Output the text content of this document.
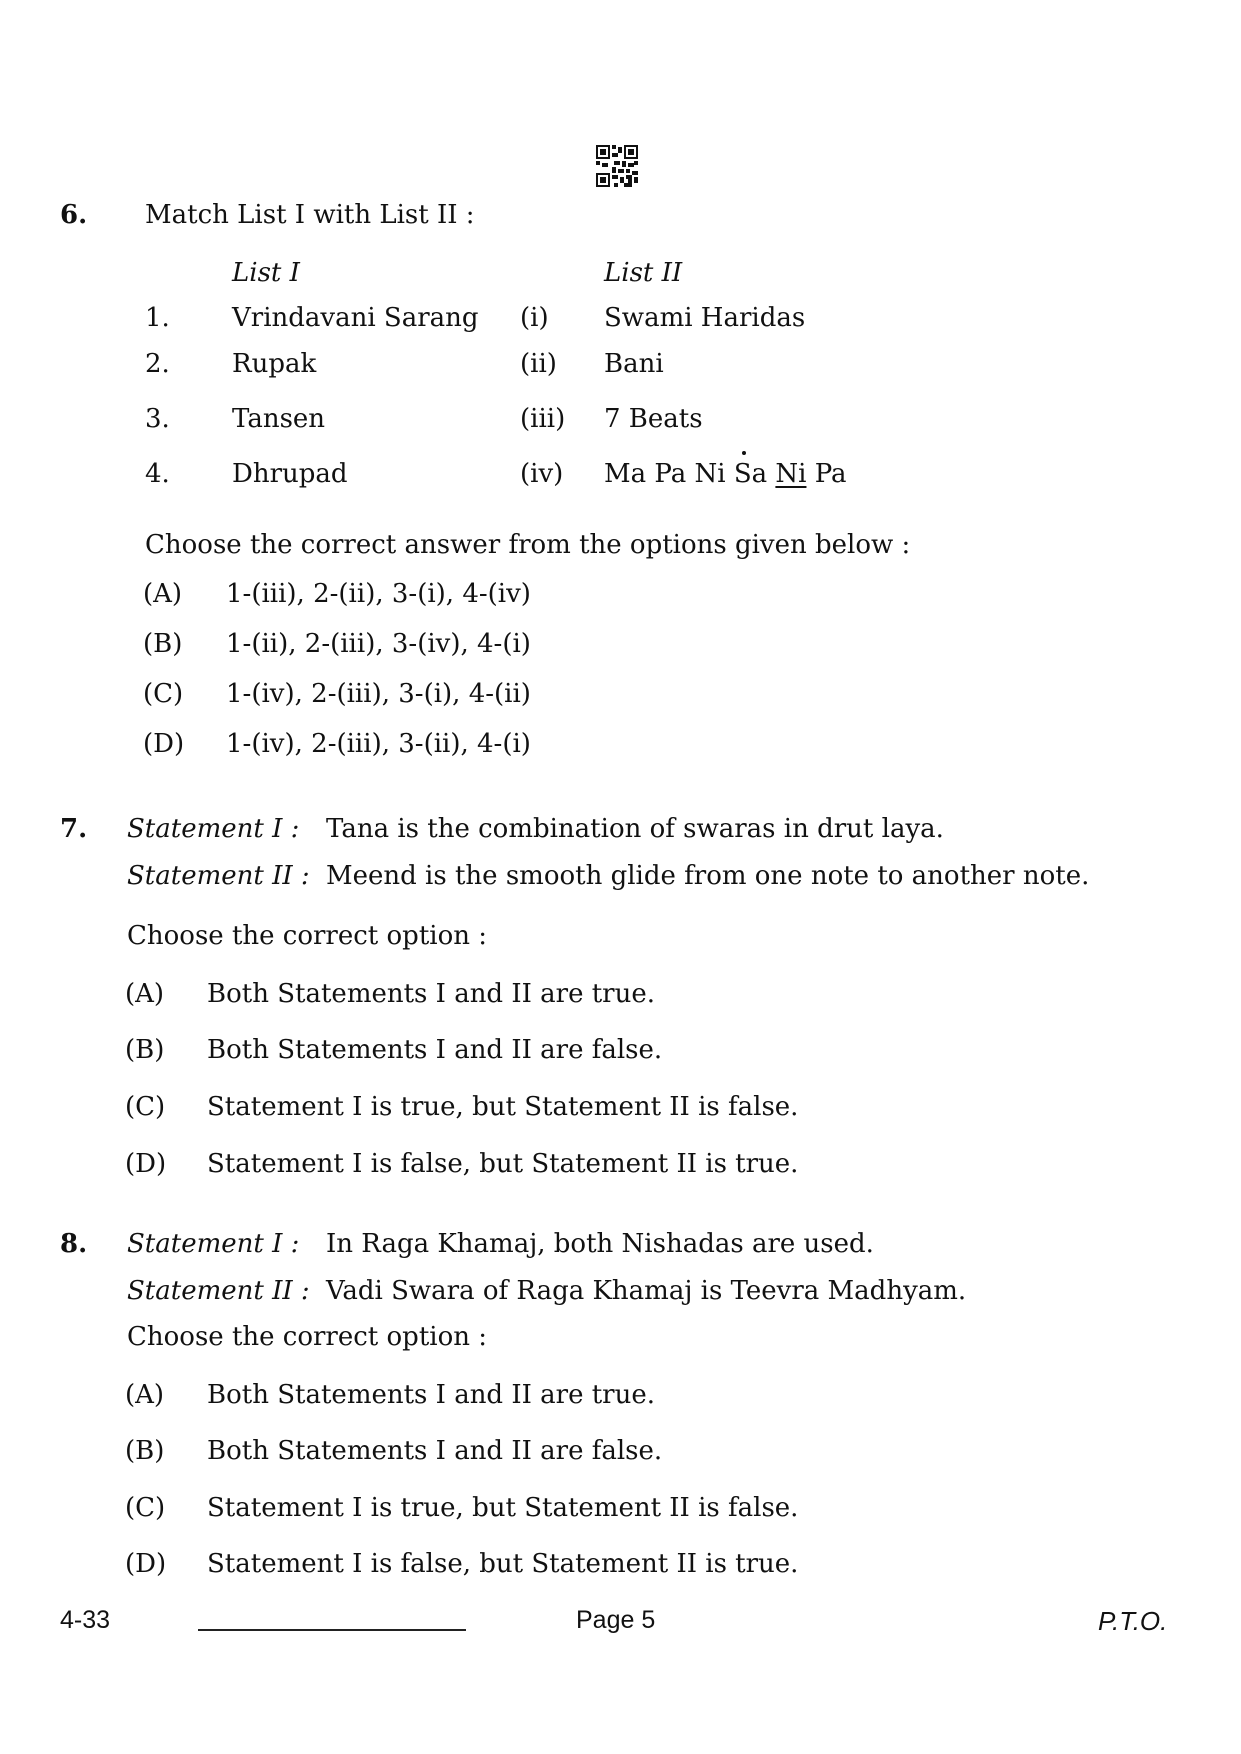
6. Match List I with List II :
List I	List II
1. Vrindavani Sarang (i) Swami Haridas
2. Rupak	(ii) Bani
3. Tansen	(iii) 7 Beats
4. Dhrupad	(iv) Ma Pa Ni Sa Ni Pa
Choose the correct answer from the options given below :
(A) 1-(iii), 2-(ii), 3-(i), 4-(iv)
(B) 1-(ii), 2-(iii), 3-(iv), 4-(i)
(C) 1-(iv), 2-(iii), 3-(i), 4-(ii)
(D) 1-(iv), 2-(iii), 3-(ii), 4-(i)
7. Statement I : Tana is the combination of swaras in drut laya.
Statement II : Meend is the smooth glide from one note to another note.
Choose the correct option :
(A) Both Statements I and II are true.
(B) Both Statements I and II are false.
(C) Statement I is true, but Statement II is false.
(D) Statement I is false, but Statement II is true.
8. Statement I : In Raga Khamaj, both Nishadas are used.
Statement II : Vadi Swara of Raga Khamaj is Teevra Madhyam.
Choose the correct option :
(A) Both Statements I and II are true.
(B) Both Statements I and II are false.
(C) Statement I is true, but Statement II is false.
(D) Statement I is false, but Statement II is true.
4-33	Page 5	P.T.O.
